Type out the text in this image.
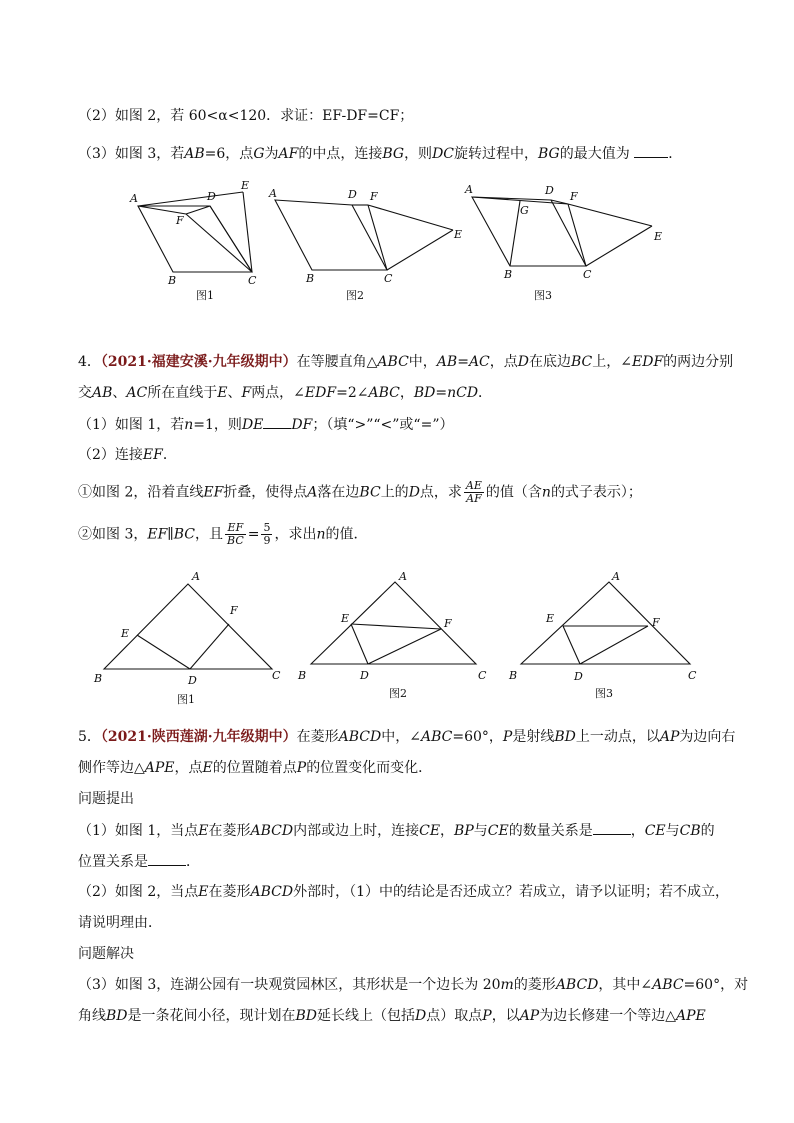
（2）如图 2，若 60<α<120．求证：EF-DF=CF；
（3）如图 3，若AB=6，点G为AF的中点，连接BG，则DC旋转过程中，BG的最大值为	．
A	D
E
F
B	C
图1
A	D F
E
B	C
图2
A	D F
G
E
B	C
图3
4．（2021·福建安溪·九年级期中）在等腰直角△ABC中，AB=AC，点D在底边BC上，∠EDF的两边分别
交AB、AC所在直线于E、F两点，∠EDF=2∠ABC，BD=nCD．
（1）如图 1，若n=1，则DE DF；（填“>”“<”或“=”）
（2）连接EF．
①如图 2，沿着直线EF折叠，使得点A落在边BC上的D点，求 $\frac{AE}{AF}$ 的值（含n的式子表示）；
②如图 3，EF∥BC，且 $\frac{EF}{BC} = \frac{5}{9}$ ，求出n的值．
A
E
F
B	D	C
图1
A
E	F
B	D	C
图2
A
E	F
B	D	C
图3
5．（2021·陕西莲湖·九年级期中）在菱形ABCD中，∠ABC=60°，P是射线BD上一动点，以AP为边向右
侧作等边△APE，点E的位置随着点P的位置变化而变化．
问题提出
（1）如图 1，当点E在菱形ABCD内部或边上时，连接CE，BP与CE的数量关系是	，CE与CB的
位置关系是	．
（2）如图 2，当点E在菱形ABCD外部时，（1）中的结论是否还成立？若成立，请予以证明；若不成立，
请说明理由．
问题解决
（3）如图 3，连湖公园有一块观赏园林区，其形状是一个边长为 20m的菱形ABCD，其中∠ABC=60°，对
角线BD是一条花间小径，现计划在BD延长线上（包括D点）取点P，以AP为边长修建一个等边△APE
